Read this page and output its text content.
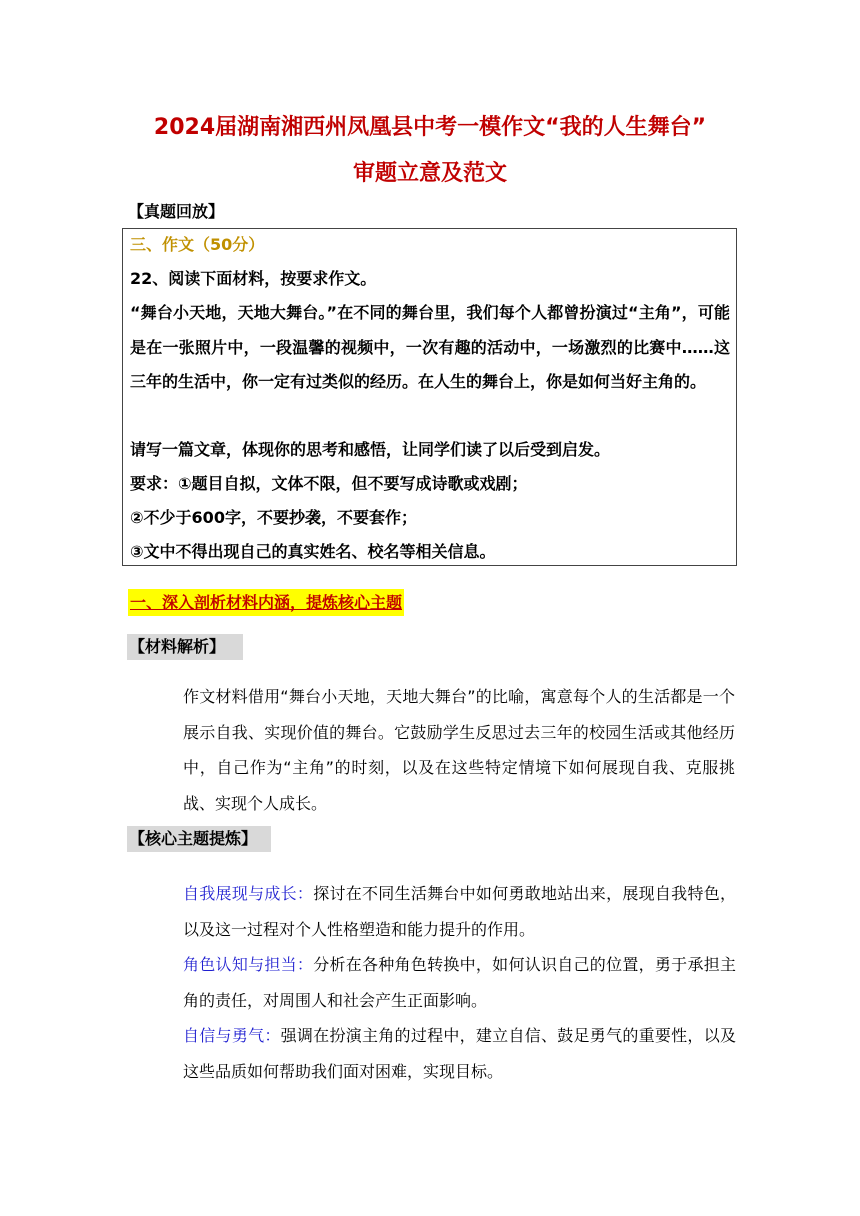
2024届湖南湘西州凤凰县中考一模作文“我的人生舞台”
审题立意及范文
【真题回放】
三、作文（50分）
22、阅读下面材料，按要求作文。
“舞台小天地，天地大舞台。”在不同的舞台里，我们每个人都曾扮演过“主角”，可能是在一张照片中，一段温馨的视频中，一次有趣的活动中，一场激烈的比赛中……这三年的生活中，你一定有过类似的经历。在人生的舞台上，你是如何当好主角的。
请写一篇文章，体现你的思考和感悟，让同学们读了以后受到启发。
要求：①题目自拟，文体不限，但不要写成诗歌或戏剧；
②不少于600字，不要抄袭，不要套作；
③文中不得出现自己的真实姓名、校名等相关信息。
一、深入剖析材料内涵，提炼核心主题
【材料解析】
作文材料借用“舞台小天地，天地大舞台”的比喻，寓意每个人的生活都是一个展示自我、实现价值的舞台。它鼓励学生反思过去三年的校园生活或其他经历中，自己作为“主角”的时刻，以及在这些特定情境下如何展现自我、克服挑战、实现个人成长。
【核心主题提炼】
自我展现与成长：探讨在不同生活舞台中如何勇敢地站出来，展现自我特色，以及这一过程对个人性格塑造和能力提升的作用。
角色认知与担当：分析在各种角色转换中，如何认识自己的位置，勇于承担主角的责任，对周围人和社会产生正面影响。
自信与勇气：强调在扮演主角的过程中，建立自信、鼓足勇气的重要性，以及这些品质如何帮助我们面对困难，实现目标。
